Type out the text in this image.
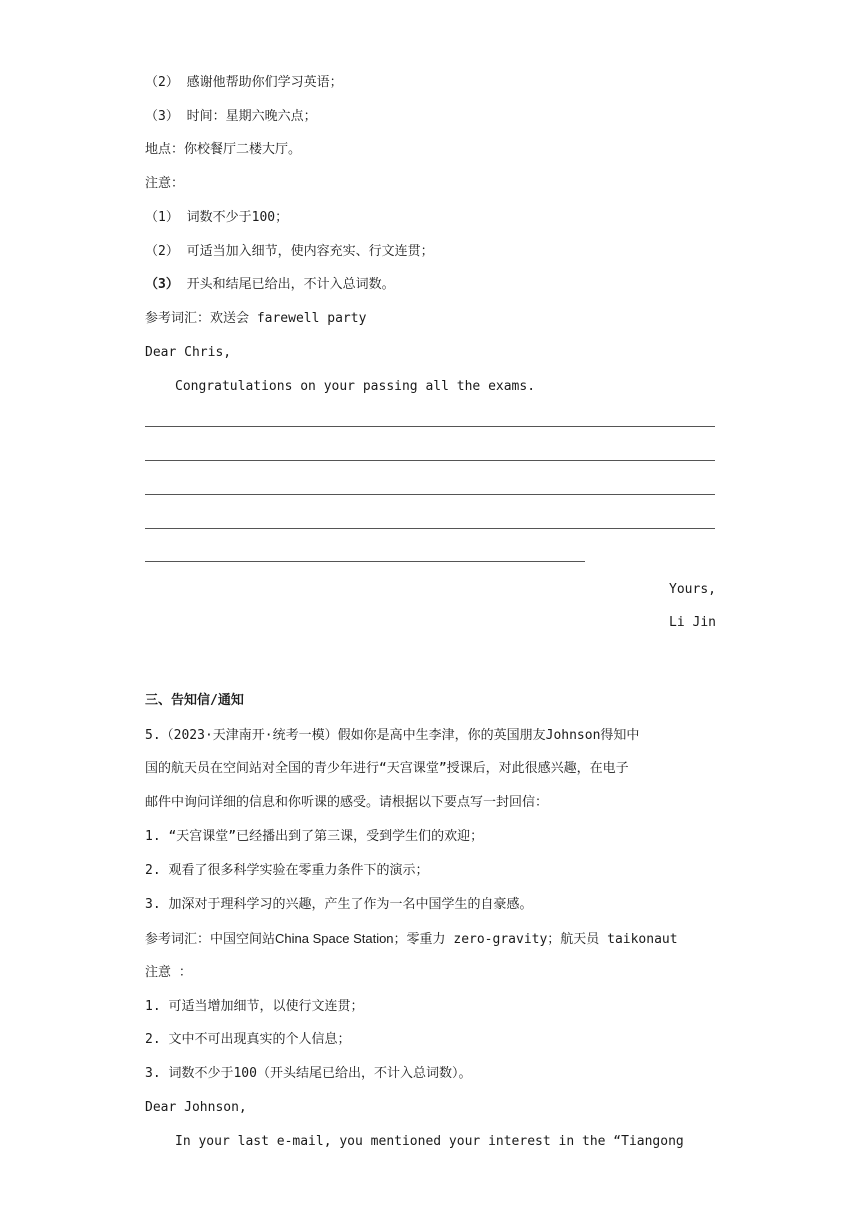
（2） 感谢他帮助你们学习英语；
（3） 时间：星期六晚六点；
地点：你校餐厅二楼大厅。
注意：
（1） 词数不少于100；
（2） 可适当加入细节，使内容充实、行文连贯；
（3） 开头和结尾已给出，不计入总词数。
参考词汇：欢送会 farewell party
Dear Chris,
Congratulations on your passing all the exams.
Yours,
Li Jin
三、告知信/通知
5.（2023·天津南开·统考一模）假如你是高中生李津，你的英国朋友Johnson得知中
国的航天员在空间站对全国的青少年进行“天宫课堂”授课后，对此很感兴趣，在电子
邮件中询问详细的信息和你听课的感受。请根据以下要点写一封回信：
1. “天宫课堂”已经播出到了第三课，受到学生们的欢迎；
2. 观看了很多科学实验在零重力条件下的演示；
3. 加深对于理科学习的兴趣，产生了作为一名中国学生的自豪感。
参考词汇：中国空间站China Space Station；零重力 zero-gravity；航天员 taikonaut
注意 ：
1. 可适当增加细节，以使行文连贯；
2. 文中不可出现真实的个人信息；
3. 词数不少于100（开头结尾已给出，不计入总词数）。
Dear Johnson,
In your last e-mail, you mentioned your interest in the “Tiangong
